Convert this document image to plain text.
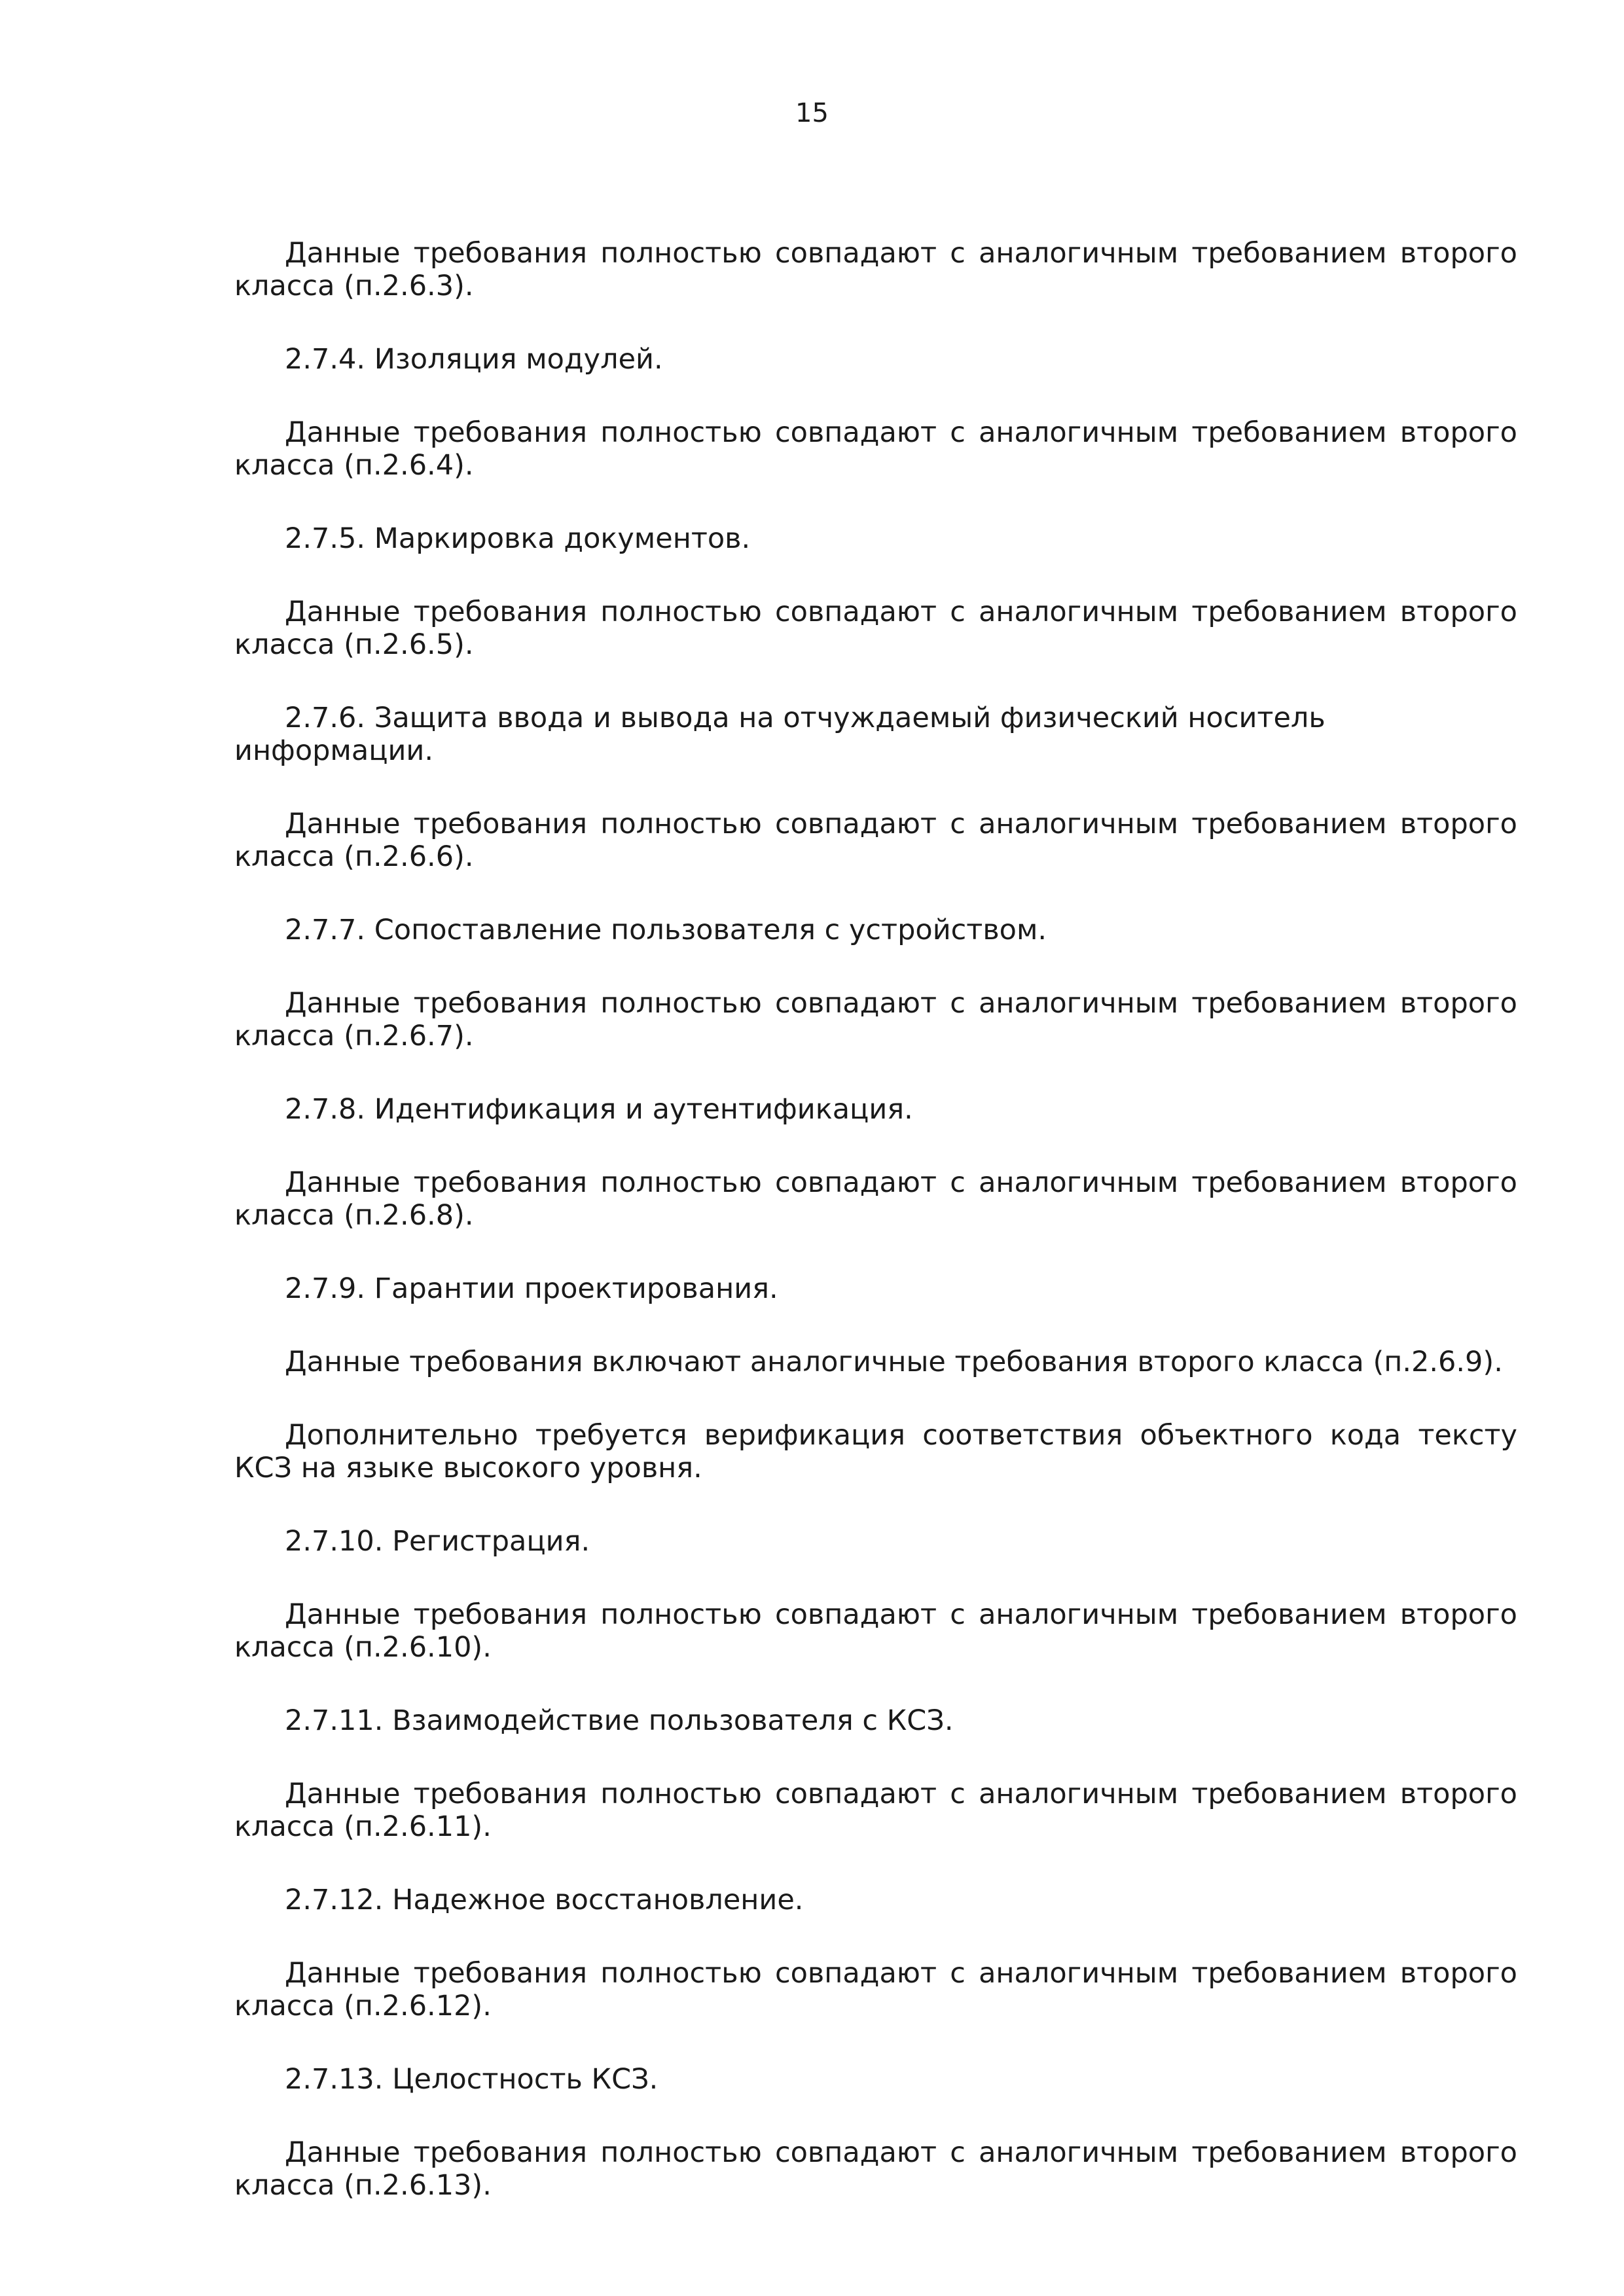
15

Данные требования полностью совпадают с аналогичным требованием второго класса (п.2.6.3).

2.7.4. Изоляция модулей.

Данные требования полностью совпадают с аналогичным требованием второго класса (п.2.6.4).

2.7.5. Маркировка документов.

Данные требования полностью совпадают с аналогичным требованием второго класса (п.2.6.5).

2.7.6. Защита ввода и вывода на отчуждаемый физический носитель информации.

Данные требования полностью совпадают с аналогичным требованием второго класса (п.2.6.6).

2.7.7. Сопоставление пользователя с устройством.

Данные требования полностью совпадают с аналогичным требованием второго класса (п.2.6.7).

2.7.8. Идентификация и аутентификация.

Данные требования полностью совпадают с аналогичным требованием второго класса (п.2.6.8).

2.7.9. Гарантии проектирования.

Данные требования включают аналогичные требования второго класса (п.2.6.9).

Дополнительно требуется верификация соответствия объектного кода тексту КСЗ на языке высокого уровня.

2.7.10. Регистрация.

Данные требования полностью совпадают с аналогичным требованием второго класса (п.2.6.10).

2.7.11. Взаимодействие пользователя с КСЗ.

Данные требования полностью совпадают с аналогичным требованием второго класса (п.2.6.11).

2.7.12. Надежное восстановление.

Данные требования полностью совпадают с аналогичным требованием второго класса (п.2.6.12).

2.7.13. Целостность КСЗ.

Данные требования полностью совпадают с аналогичным требованием второго класса (п.2.6.13).
